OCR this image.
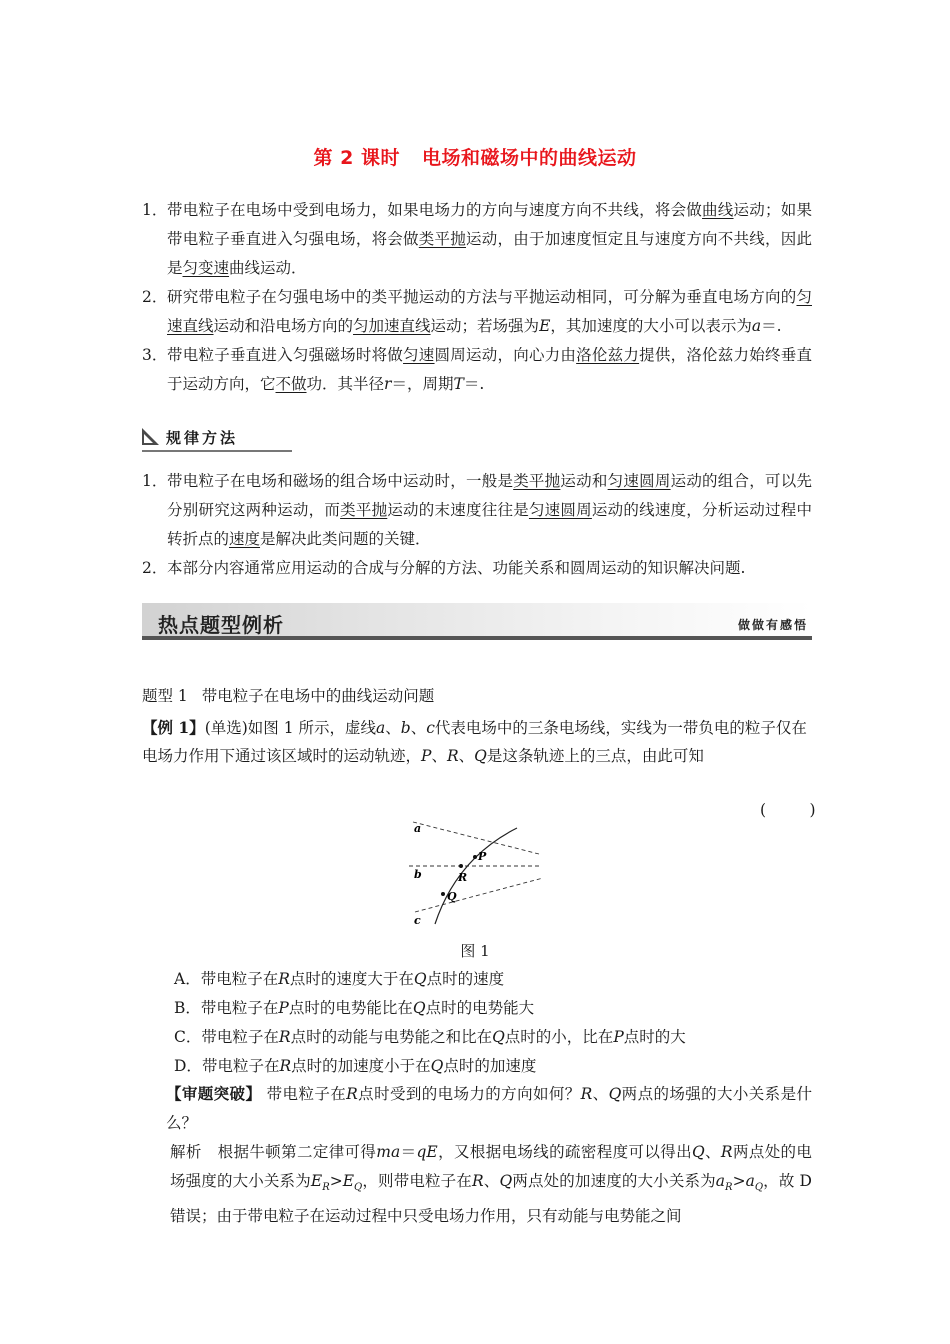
第 2 课时 电场和磁场中的曲线运动
1． 带电粒子在电场中受到电场力，如果电场力的方向与速度方向不共线，将会做曲线运动；如果带电粒子垂直进入匀强电场，将会做类平抛运动，由于加速度恒定且与速度方向不共线，因此是匀变速曲线运动．
2． 研究带电粒子在匀强电场中的类平抛运动的方法与平抛运动相同，可分解为垂直电场方向的匀速直线运动和沿电场方向的匀加速直线运动；若场强为E，其加速度的大小可以表示为a＝.
3． 带电粒子垂直进入匀强磁场时将做匀速圆周运动，向心力由洛伦兹力提供，洛伦兹力始终垂直于运动方向，它不做功．其半径r＝，周期T＝.
规律方法
1． 带电粒子在电场和磁场的组合场中运动时，一般是类平抛运动和匀速圆周运动的组合，可以先分别研究这两种运动，而类平抛运动的末速度往往是匀速圆周运动的线速度，分析运动过程中转折点的速度是解决此类问题的关键．
2． 本部分内容通常应用运动的合成与分解的方法、功能关系和圆周运动的知识解决问题.
热点题型例析	做做有感悟
题型 1 带电粒子在电场中的曲线运动问题
【例 1】(单选)如图 1 所示，虚线a、b、c代表电场中的三条电场线，实线为一带负电的粒子仅在电场力作用下通过该区域时的运动轨迹，P、R、Q是这条轨迹上的三点，由此可知
(　)
a
b
c
P
R
Q
图 1
A．带电粒子在R点时的速度大于在Q点时的速度
B．带电粒子在P点时的电势能比在Q点时的电势能大
C．带电粒子在R点时的动能与电势能之和比在Q点时的小，比在P点时的大
D．带电粒子在R点时的加速度小于在Q点时的加速度
【审题突破】 带电粒子在R点时受到的电场力的方向如何？R、Q两点的场强的大小关系是什么？
解析 根据牛顿第二定律可得ma＝qE，又根据电场线的疏密程度可以得出Q、R两点处的电场强度的大小关系为$E_R>E_Q$，则带电粒子在R、Q两点处的加速度的大小关系为$a_R>a_Q$，故 D 错误；由于带电粒子在运动过程中只受电场力作用，只有动能与电势能之间
